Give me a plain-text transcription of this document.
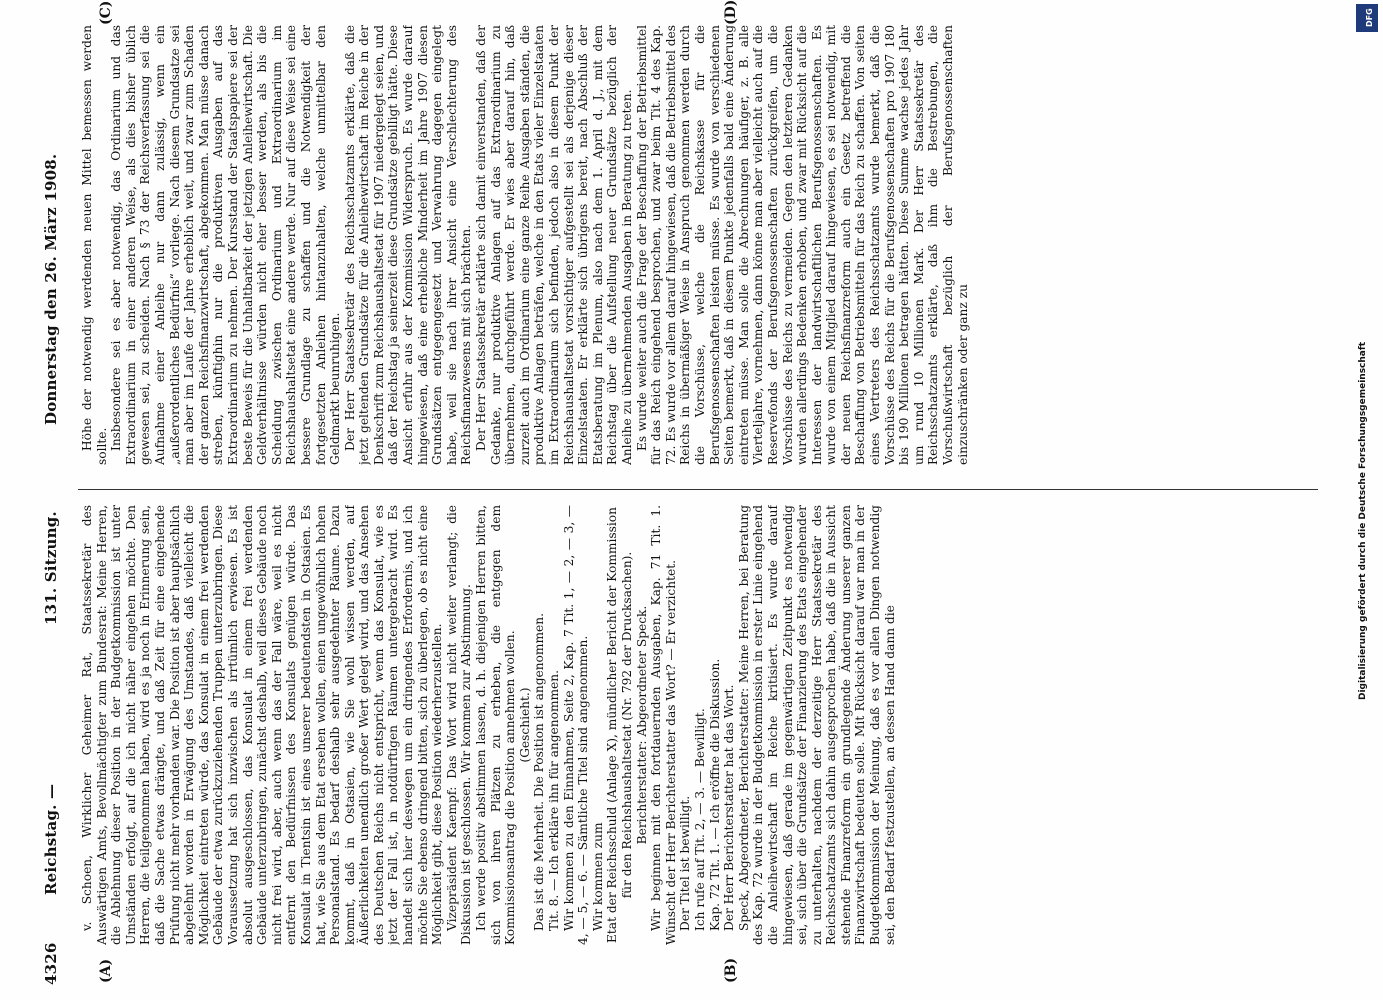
4326
Reichstag. —
131. Sitzung.
Donnerstag den 26. März 1908.
(A)	(B)
(C)	(D)

v. Schoen, Wirklicher Geheimer Rat, Staatssekretär des Auswärtigen Amts, Bevollmächtigter zum Bundesrat: Meine Herren, die Ablehnung dieser Position in der Budgetkommission ist unter Umständen erfolgt, auf die ich nicht näher eingehen möchte. Den Herren, die teilgenommen haben, wird es ja noch in Erinnerung sein, daß die Sache etwas drängte, und daß Zeit für eine eingehende Prüfung nicht mehr vorhanden war. Die Position ist aber hauptsächlich abgelehnt worden in Erwägung des Umstandes, daß vielleicht die Möglichkeit eintreten würde, das Konsulat in einem frei werdenden Gebäude der etwa zurückzuziehenden Truppen unterzubringen. Diese Voraussetzung hat sich inzwischen als irrtümlich erwiesen. Es ist absolut ausgeschlossen, das Konsulat in einem frei werdenden Gebäude unterzubringen, zunächst deshalb, weil dieses Gebäude noch nicht frei wird, aber, auch wenn das der Fall wäre, weil es nicht entfernt den Bedürfnissen des Konsulats genügen würde. Das Konsulat in Tientsin ist eines unserer bedeutendsten in Ostasien. Es hat, wie Sie aus dem Etat ersehen wollen, einen ungewöhnlich hohen Personalstand. Es bedarf deshalb sehr ausgedehnter Räume. Dazu kommt, daß in Ostasien, wie Sie wohl wissen werden, auf Äußerlichkeiten unendlich großer Wert gelegt wird, und das Ansehen des Deutschen Reichs nicht entspricht, wenn das Konsulat, wie es jetzt der Fall ist, in notdürftigen Räumen untergebracht wird. Es handelt sich hier deswegen um ein dringendes Erfordernis, und ich möchte Sie ebenso dringend bitten, sich zu überlegen, ob es nicht eine Möglichkeit gibt, diese Position wiederherzustellen. Vizepräsident Kaempf: Das Wort wird nicht weiter verlangt; die Diskussion ist geschlossen. Wir kommen zur Abstimmung. Ich werde positiv abstimmen lassen, d. h. diejenigen Herren bitten, sich von ihren Plätzen zu erheben, die entgegen dem Kommissionsantrag die Position annehmen wollen. (Geschieht.) Das ist die Mehrheit. Die Position ist angenommen. Tit. 8. — Ich erkläre ihn für angenommen. Wir kommen zu den Einnahmen, Seite 2, Kap. 7 Tit. 1, — 2, — 3, — 4, — 5, — 6. — Sämtliche Titel sind angenommen. Wir kommen zum Etat der Reichsschuld (Anlage X), mündlicher Bericht der Kommission für den Reichshaushaltsetat (Nr. 792 der Drucksachen). Berichterstatter: Abgeordneter Speck. Wir beginnen mit den fortdauernden Ausgaben, Kap. 71 Tit. 1. Wünscht der Herr Berichterstatter das Wort? — Er verzichtet. Der Titel ist bewilligt. Ich rufe auf Tit. 2, — 3. — Bewilligt. Kap. 72 Tit. 1. — Ich eröffne die Diskussion. Der Herr Berichterstatter hat das Wort. Speck, Abgeordneter, Berichterstatter: Meine Herren, bei Beratung des Kap. 72 wurde in der Budgetkommission in erster Linie eingehend die Anleihewirtschaft im Reiche kritisiert. Es wurde darauf hingewiesen, daß gerade im gegenwärtigen Zeitpunkt es notwendig sei, sich über die Grundsätze der Finanzierung des Etats eingehender zu unterhalten, nachdem der derzeitige Herr Staatssekretär des Reichsschatzamts sich dahin ausgesprochen habe, daß die in Aussicht stehende Finanzreform ein grundlegende Änderung unserer ganzen Finanzwirtschaft bedeuten solle. Mit Rücksicht darauf war man in der Budgetkommission der Meinung, daß es vor allen Dingen notwendig sei, den Bedarf festzustellen, an dessen Hand dann die

Höhe der notwendig werdenden neuen Mittel bemessen werden sollte. Insbesondere sei es aber notwendig, das Ordinarium und das Extraordinarium in einer anderen Weise, als dies bisher üblich gewesen sei, zu scheiden. Nach § 73 der Reichsverfassung sei die Aufnahme einer Anleihe nur dann zulässig, wenn ein „außerordentliches Bedürfnis“ vorliege. Nach diesem Grundsatze sei man aber im Laufe der Jahre erheblich weit, und zwar zum Schaden der ganzen Reichsfinanzwirtschaft, abgekommen. Man müsse danach streben, künftighin nur die produktiven Ausgaben auf das Extraordinarium zu nehmen. Der Kursstand der Staatspapiere sei der beste Beweis für die Unhaltbarkeit der jetzigen Anleihewirtschaft. Die Geldverhältnisse würden nicht eher besser werden, als bis die Scheidung zwischen Ordinarium und Extraordinarium im Reichshaushaltsetat eine andere werde. Nur auf diese Weise sei eine bessere Grundlage zu schaffen und die Notwendigkeit der fortgesetzten Anleihen hintanzuhalten, welche unmittelbar den Geldmarkt beunruhigen. Der Herr Staatssekretär des Reichsschatzamts erklärte, daß die jetzt geltenden Grundsätze für die Anleihewirtschaft im Reiche in der Denkschrift zum Reichshaushaltsetat für 1907 niedergelegt seien, und daß der Reichstag ja seinerzeit diese Grundsätze gebilligt hätte. Diese Ansicht erfuhr aus der Kommission Widerspruch. Es wurde darauf hingewiesen, daß eine erhebliche Minderheit im Jahre 1907 diesen Grundsätzen entgegengesetzt und Verwahrung dagegen eingelegt habe, weil sie nach ihrer Ansicht eine Verschlechterung des Reichsfinanzwesens mit sich brächten. Der Herr Staatssekretär erklärte sich damit einverstanden, daß der Gedanke, nur produktive Anlagen auf das Extraordinarium zu übernehmen, durchgeführt werde. Er wies aber darauf hin, daß zurzeit auch im Ordinarium eine ganze Reihe Ausgaben ständen, die produktive Anlagen beträfen, welche in den Etats vieler Einzelstaaten im Extraordinarium sich befinden, jedoch also in diesem Punkt der Reichshaushaltsetat vorsichtiger aufgestellt sei als derjenige dieser Einzelstaaten. Er erklärte sich übrigens bereit, nach Abschluß der Etatsberatung im Plenum, also nach dem 1. April d. J., mit dem Reichstag über die Aufstellung neuer Grundsätze bezüglich der Anleihe zu übernehmenden Ausgaben in Beratung zu treten. Es wurde weiter auch die Frage der Beschaffung der Betriebsmittel für das Reich eingehend besprochen, und zwar beim Tit. 4 des Kap. 72. Es wurde vor allem darauf hingewiesen, daß die Betriebsmittel des Reichs in übermäßiger Weise in Anspruch genommen werden durch die Vorschüsse, welche die Reichskasse für die Berufsgenossenschaften leisten müsse. Es wurde von verschiedenen Seiten bemerkt, daß in diesem Punkte jedenfalls bald eine Änderung eintreten müsse. Man solle die Abrechnungen häufiger, z. B. alle Vierteljahre, vornehmen, dann könne man aber vielleicht auch auf die Reservefonds der Berufsgenossenschaften zurückgreifen, um die Vorschüsse des Reichs zu vermeiden. Gegen den letzteren Gedanken wurden allerdings Bedenken erhoben, und zwar mit Rücksicht auf die Interessen der landwirtschaftlichen Berufsgenossenschaften. Es wurde von einem Mitglied darauf hingewiesen, es sei notwendig, mit der neuen Reichsfinanzreform auch ein Gesetz betreffend die Beschaffung von Betriebsmitteln für das Reich zu schaffen. Von seiten eines Vertreters des Reichsschatzamts wurde bemerkt, daß die Vorschüsse des Reichs für die Berufsgenossenschaften pro 1907 180 bis 190 Millionen betragen hätten. Diese Summe wachse jedes Jahr um rund 10 Millionen Mark. Der Herr Staatssekretär des Reichsschatzamts erklärte, daß ihm die Bestrebungen, die Vorschußwirtschaft bezüglich der Berufsgenossenschaften einzuschränken oder ganz zu

DFG
Digitalisierung gefördert durch die Deutsche Forschungsgemeinschaft
